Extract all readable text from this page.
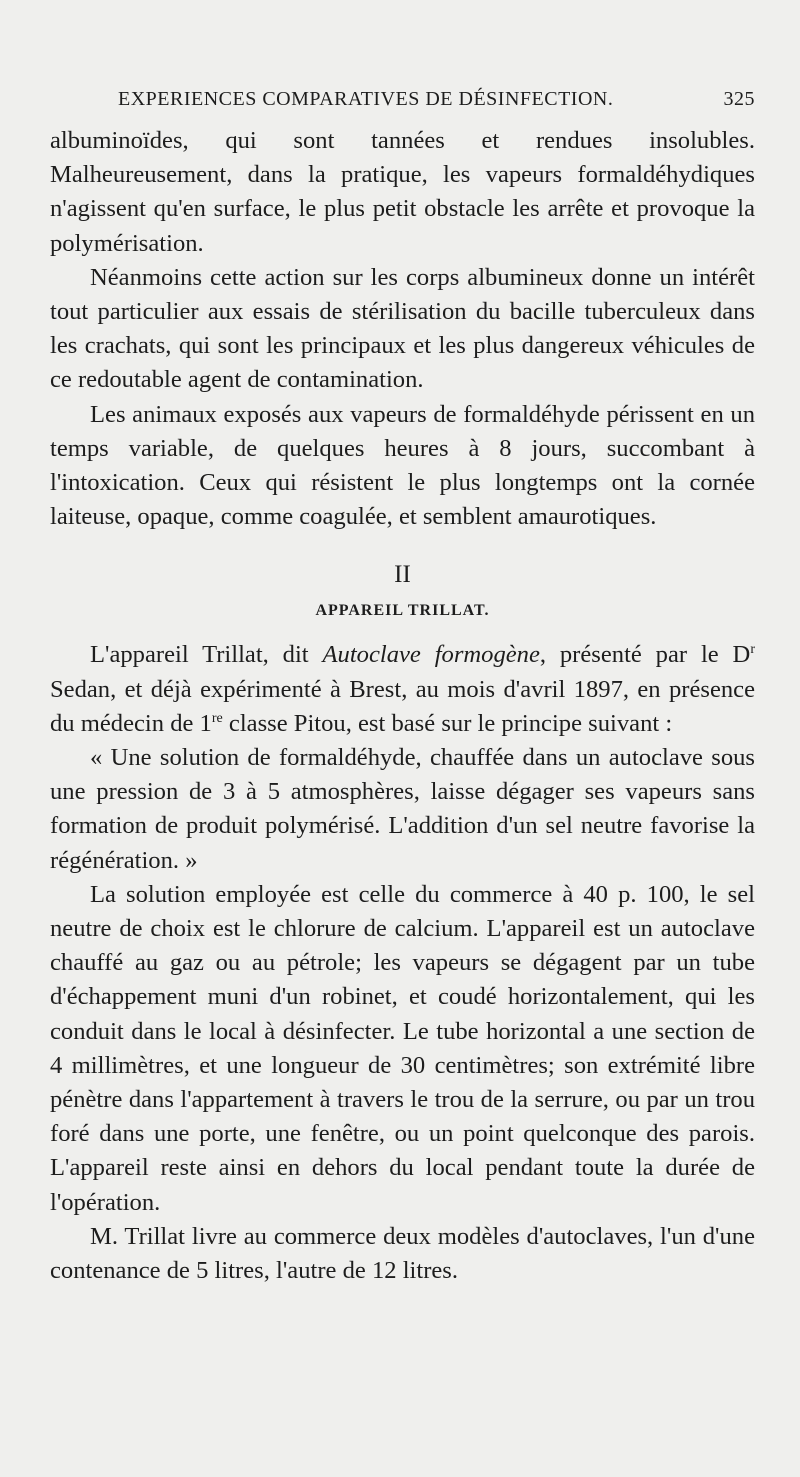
EXPERIENCES COMPARATIVES DE DÉSINFECTION.	325

albuminoïdes, qui sont tannées et rendues insolubles. Malheureusement, dans la pratique, les vapeurs formaldéhydiques n'agissent qu'en surface, le plus petit obstacle les arrête et provoque la polymérisation.

Néanmoins cette action sur les corps albumineux donne un intérêt tout particulier aux essais de stérilisation du bacille tuberculeux dans les crachats, qui sont les principaux et les plus dangereux véhicules de ce redoutable agent de contamination.

Les animaux exposés aux vapeurs de formaldéhyde périssent en un temps variable, de quelques heures à 8 jours, succombant à l'intoxication. Ceux qui résistent le plus longtemps ont la cornée laiteuse, opaque, comme coagulée, et semblent amaurotiques.

II
APPAREIL TRILLAT.

L'appareil Trillat, dit Autoclave formogène, présenté par le $D^r$ Sedan, et déjà expérimenté à Brest, au mois d'avril 1897, en présence du médecin de 1re classe Pitou, est basé sur le principe suivant :

« Une solution de formaldéhyde, chauffée dans un autoclave sous une pression de 3 à 5 atmosphères, laisse dégager ses vapeurs sans formation de produit polymérisé. L'addition d'un sel neutre favorise la régénération. »

La solution employée est celle du commerce à 40 p. 100, le sel neutre de choix est le chlorure de calcium. L'appareil est un autoclave chauffé au gaz ou au pétrole; les vapeurs se dégagent par un tube d'échappement muni d'un robinet, et coudé horizontalement, qui les conduit dans le local à désinfecter. Le tube horizontal a une section de 4 millimètres, et une longueur de 30 centimètres; son extrémité libre pénètre dans l'appartement à travers le trou de la serrure, ou par un trou foré dans une porte, une fenêtre, ou un point quelconque des parois. L'appareil reste ainsi en dehors du local pendant toute la durée de l'opération.

M. Trillat livre au commerce deux modèles d'autoclaves, l'un d'une contenance de 5 litres, l'autre de 12 litres.
